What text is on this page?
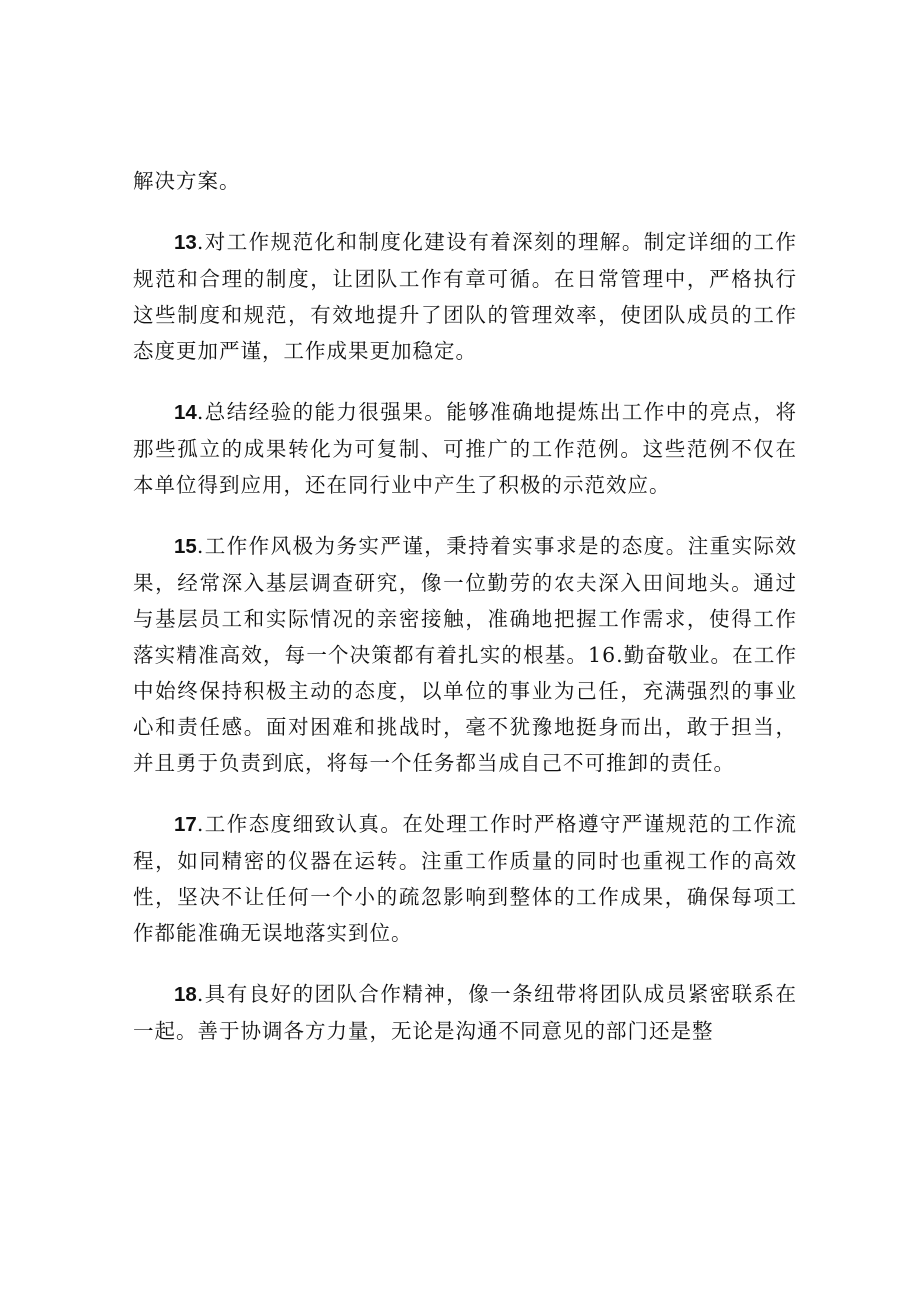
解决方案。

13.对工作规范化和制度化建设有着深刻的理解。制定详细的工作规范和合理的制度，让团队工作有章可循。在日常管理中，严格执行这些制度和规范，有效地提升了团队的管理效率，使团队成员的工作态度更加严谨，工作成果更加稳定。

14.总结经验的能力很强果。能够准确地提炼出工作中的亮点，将那些孤立的成果转化为可复制、可推广的工作范例。这些范例不仅在本单位得到应用，还在同行业中产生了积极的示范效应。

15.工作作风极为务实严谨，秉持着实事求是的态度。注重实际效果，经常深入基层调查研究，像一位勤劳的农夫深入田间地头。通过与基层员工和实际情况的亲密接触，准确地把握工作需求，使得工作落实精准高效，每一个决策都有着扎实的根基。16.勤奋敬业。在工作中始终保持积极主动的态度，以单位的事业为己任，充满强烈的事业心和责任感。面对困难和挑战时，毫不犹豫地挺身而出，敢于担当，并且勇于负责到底，将每一个任务都当成自己不可推卸的责任。

17.工作态度细致认真。在处理工作时严格遵守严谨规范的工作流程，如同精密的仪器在运转。注重工作质量的同时也重视工作的高效性，坚决不让任何一个小的疏忽影响到整体的工作成果，确保每项工作都能准确无误地落实到位。

18.具有良好的团队合作精神，像一条纽带将团队成员紧密联系在一起。善于协调各方力量，无论是沟通不同意见的部门还是整
